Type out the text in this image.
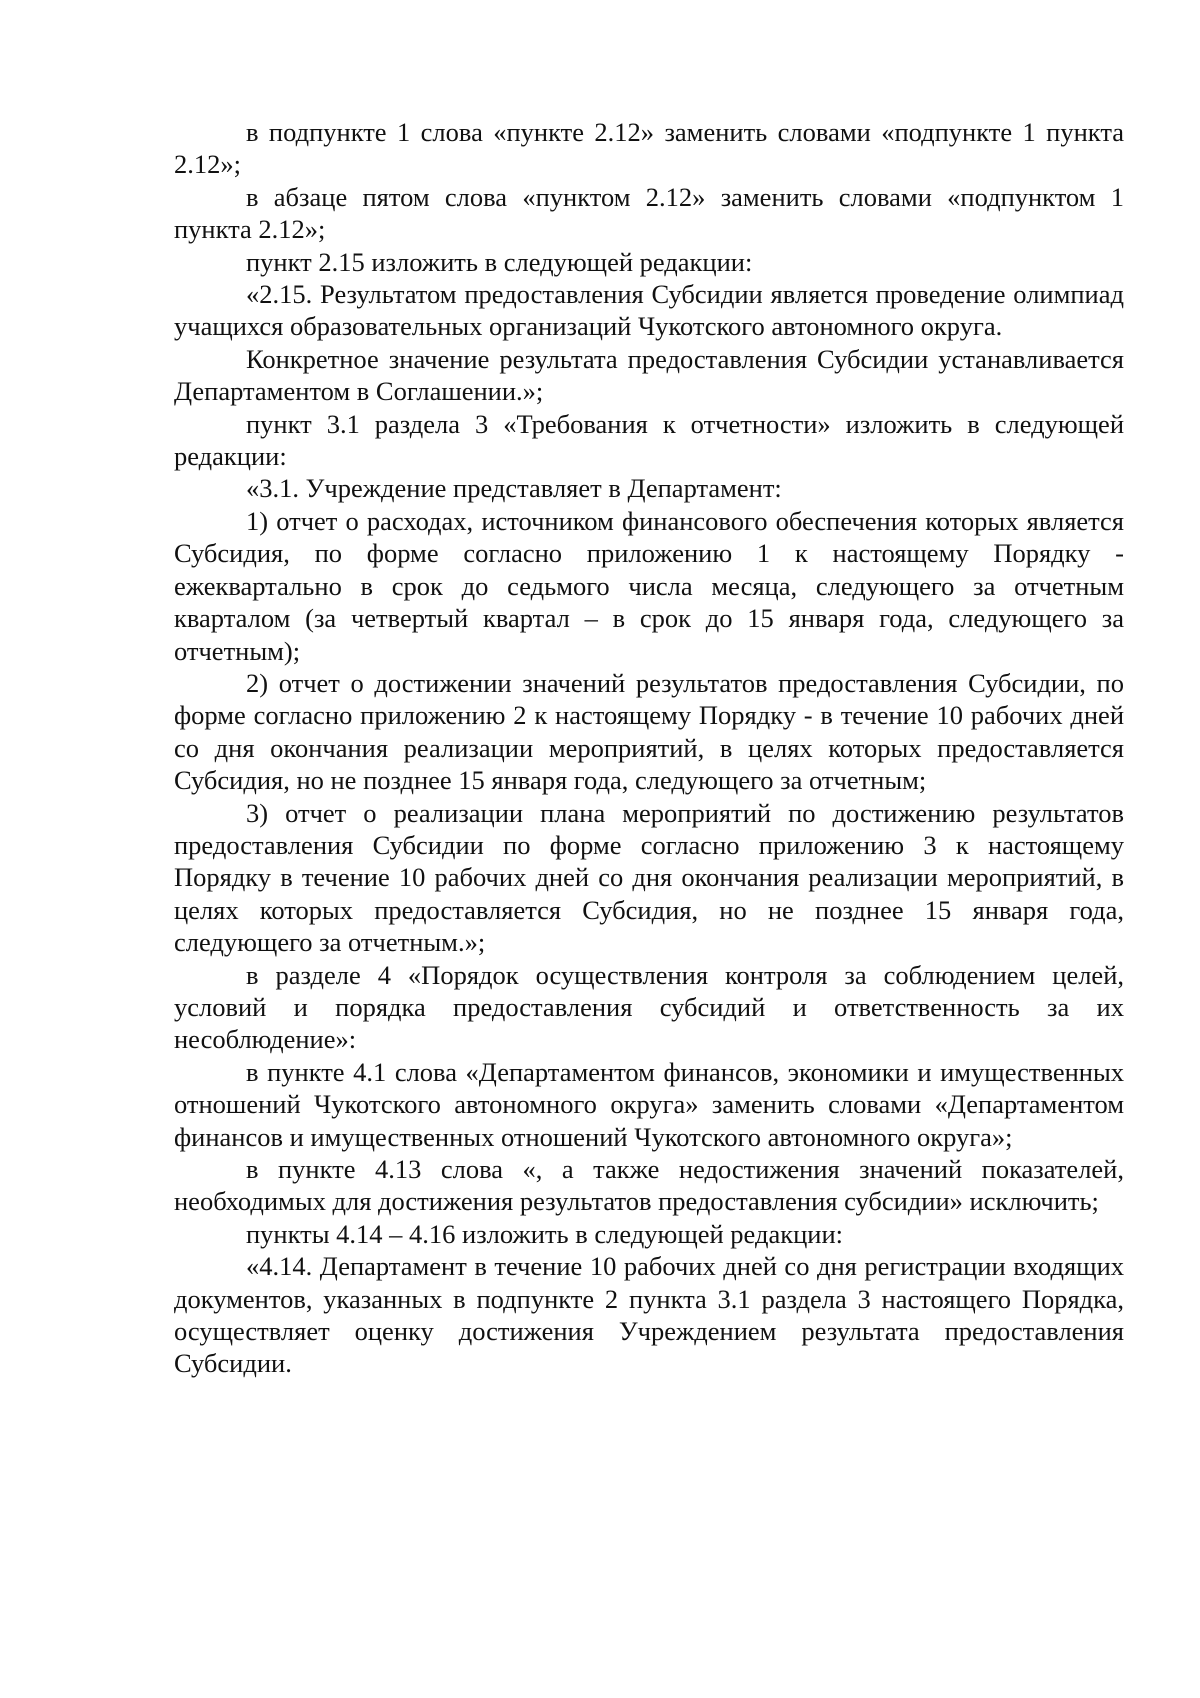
в подпункте 1 слова «пункте 2.12» заменить словами «подпункте 1 пункта 2.12»;

в абзаце пятом слова «пунктом 2.12» заменить словами «подпунктом 1 пункта 2.12»;

пункт 2.15 изложить в следующей редакции:

«2.15. Результатом предоставления Субсидии является проведение олимпиад учащихся образовательных организаций Чукотского автономного округа.

Конкретное значение результата предоставления Субсидии устанавливается Департаментом в Соглашении.»;

пункт 3.1 раздела 3 «Требования к отчетности» изложить в следующей редакции:

«3.1. Учреждение представляет в Департамент:

1) отчет о расходах, источником финансового обеспечения которых является Субсидия, по форме согласно приложению 1 к настоящему Порядку - ежеквартально в срок до седьмого числа месяца, следующего за отчетным кварталом (за четвертый квартал – в срок до 15 января года, следующего за отчетным);

2) отчет о достижении значений результатов предоставления Субсидии, по форме согласно приложению 2 к настоящему Порядку - в течение 10 рабочих дней со дня окончания реализации мероприятий, в целях которых предоставляется Субсидия, но не позднее 15 января года, следующего за отчетным;

3) отчет о реализации плана мероприятий по достижению результатов предоставления Субсидии по форме согласно приложению 3 к настоящему Порядку в течение 10 рабочих дней со дня окончания реализации мероприятий, в целях которых предоставляется Субсидия, но не позднее 15 января года, следующего за отчетным.»;

в разделе 4 «Порядок осуществления контроля за соблюдением целей, условий и порядка предоставления субсидий и ответственность за их несоблюдение»:

в пункте 4.1 слова «Департаментом финансов, экономики и имущественных отношений Чукотского автономного округа» заменить словами «Департаментом финансов и имущественных отношений Чукотского автономного округа»;

в пункте 4.13 слова «, а также недостижения значений показателей, необходимых для достижения результатов предоставления субсидии» исключить;

пункты 4.14 – 4.16 изложить в следующей редакции:

«4.14. Департамент в течение 10 рабочих дней со дня регистрации входящих документов, указанных в подпункте 2 пункта 3.1 раздела 3 настоящего Порядка, осуществляет оценку достижения Учреждением результата предоставления Субсидии.
